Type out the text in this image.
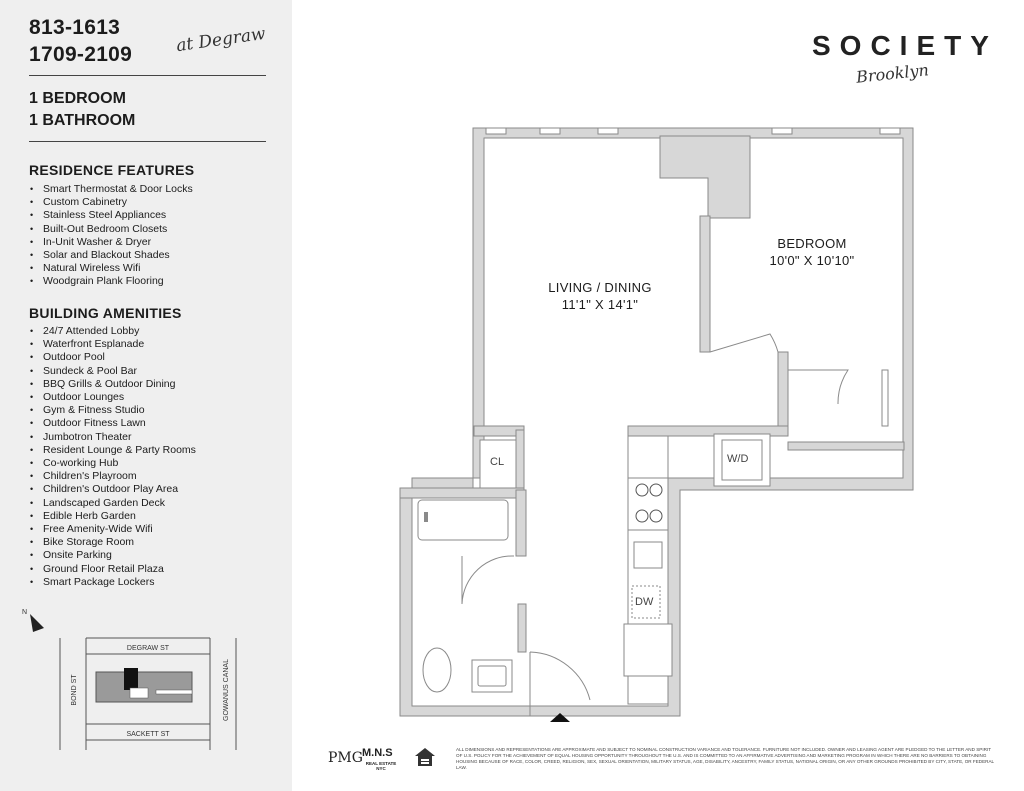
813-1613
1709-2109	at Degraw
1 BEDROOM
1 BATHROOM
RESIDENCE FEATURES
• Smart Thermostat & Door Locks
• Custom Cabinetry
• Stainless Steel Appliances
• Built-Out Bedroom Closets
• In-Unit Washer & Dryer
• Solar and Blackout Shades
• Natural Wireless Wifi
• Woodgrain Plank Flooring
BUILDING AMENITIES
• 24/7 Attended Lobby
• Waterfront Esplanade
• Outdoor Pool
• Sundeck & Pool Bar
• BBQ Grills & Outdoor Dining
• Outdoor Lounges
• Gym & Fitness Studio
• Outdoor Fitness Lawn
• Jumbotron Theater
• Resident Lounge & Party Rooms
• Co-working Hub
• Children's Playroom
• Children's Outdoor Play Area
• Landscaped Garden Deck
• Edible Herb Garden
• Free Amenity-Wide Wifi
• Bike Storage Room
• Onsite Parking
• Ground Floor Retail Plaza
• Smart Package Lockers
N
DEGRAW ST
SACKETT ST
BOND ST	GOWANUS CANAL
SOCIETY
Brooklyn
LIVING / DINING
11'1" X 14'1"
BEDROOM
10'0" X 10'10"
CL	W/D
DW
PMG M.N.S
REAL ESTATE NYC
ALL DIMENSIONS AND REPRESENTATIONS ARE APPROXIMATE AND SUBJECT TO NOMINAL CONSTRUCTION VARIANCE AND TOLERANCE. FURNITURE NOT INCLUDED. OWNER AND LEASING AGENT ARE PLEDGED TO THE LETTER AND SPIRIT OF U.S. POLICY FOR THE ACHIEVEMENT OF EQUAL HOUSING OPPORTUNITY THROUGHOUT THE U.S. AND IS COMMITTED TO AN AFFIRMATIVE ADVERTISING AND MARKETING PROGRAM IN WHICH THERE ARE NO BARRIERS TO OBTAINING HOUSING BECAUSE OF RACE, COLOR, CREED, RELIGION, SEX, SEXUAL ORIENTATION, MILITARY STATUS, AGE, DISABILITY, ANCESTRY, FAMILY STATUS, NATIONAL ORIGIN, OR ANY OTHER GROUNDS PROHIBITED BY CITY, STATE, OR FEDERAL LAW.
